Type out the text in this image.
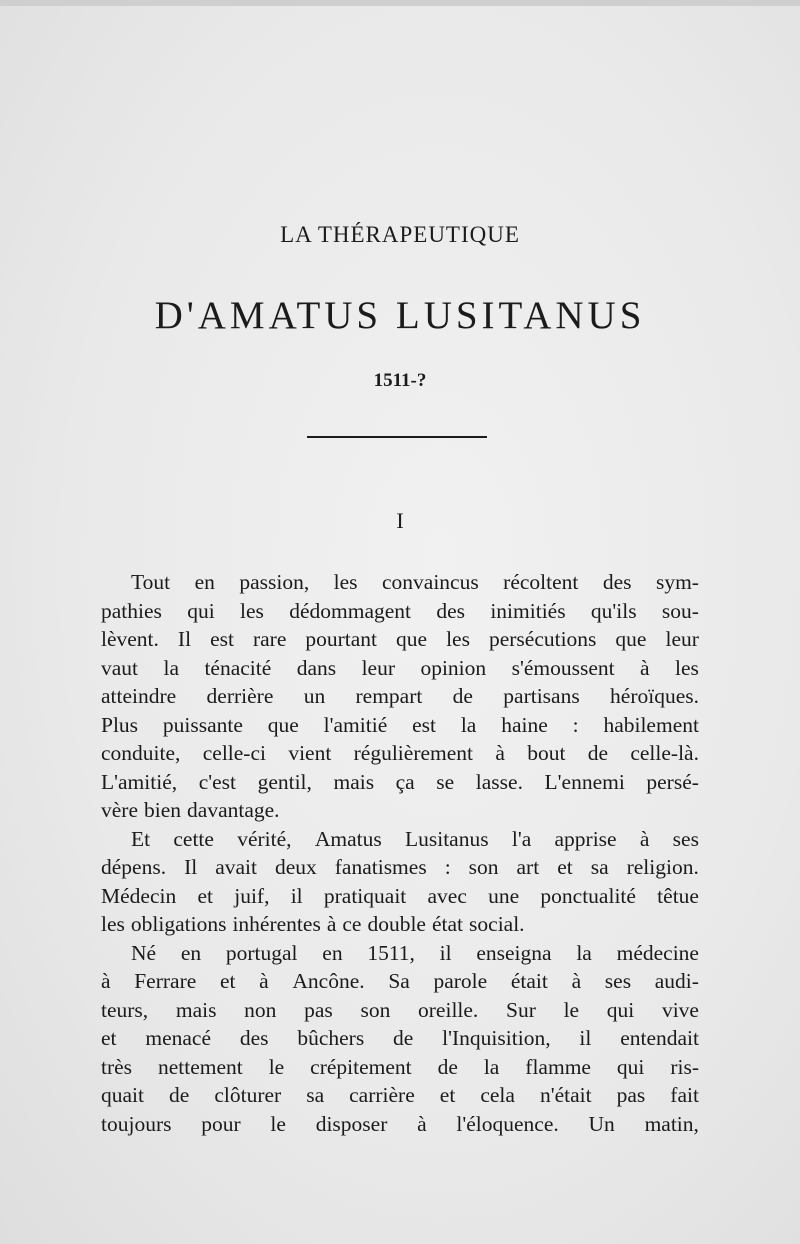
LA THÉRAPEUTIQUE
D'AMATUS LUSITANUS
1511-?
I
Tout en passion, les convaincus récoltent des sym-
pathies qui les dédommagent des inimitiés qu'ils sou-
lèvent. Il est rare pourtant que les persécutions que leur
vaut la ténacité dans leur opinion s'émoussent à les
atteindre derrière un rempart de partisans héroïques.
Plus puissante que l'amitié est la haine : habilement
conduite, celle-ci vient régulièrement à bout de celle-là.
L'amitié, c'est gentil, mais ça se lasse. L'ennemi persé-
vère bien davantage.
Et cette vérité, Amatus Lusitanus l'a apprise à ses
dépens. Il avait deux fanatismes : son art et sa religion.
Médecin et juif, il pratiquait avec une ponctualité têtue
les obligations inhérentes à ce double état social.
Né en portugal en 1511, il enseigna la médecine
à Ferrare et à Ancône. Sa parole était à ses audi-
teurs, mais non pas son oreille. Sur le qui vive
et menacé des bûchers de l'Inquisition, il entendait
très nettement le crépitement de la flamme qui ris-
quait de clôturer sa carrière et cela n'était pas fait
toujours pour le disposer à l'éloquence. Un matin,
